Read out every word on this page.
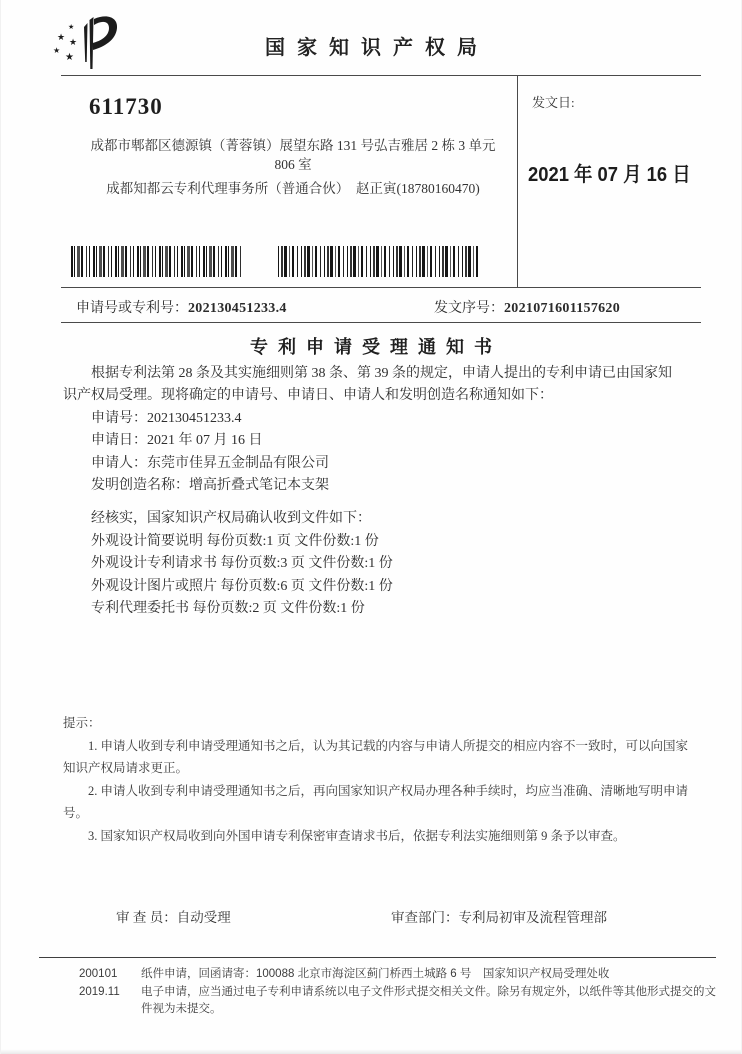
★
★ ★
★
★	国家知识产权局
611730
成都市郫都区德源镇（菁蓉镇）展望东路 131 号弘吉雅居 2 栋 3 单元
806 室
成都知都云专利代理事务所（普通合伙）　赵正寅(18780160470)
发文日:
2021 年 07 月 16 日
申请号或专利号：202130451233.4	发文序号：2021071601157620
专利申请受理通知书

根据专利法第 28 条及其实施细则第 38 条、第 39 条的规定，申请人提出的专利申请已由国家知识产权局受理。现将确定的申请号、申请日、申请人和发明创造名称通知如下：

申请号：202130451233.4
申请日：2021 年 07 月 16 日
申请人：东莞市佳昇五金制品有限公司
发明创造名称：增高折叠式笔记本支架
经核实，国家知识产权局确认收到文件如下：
外观设计简要说明 每份页数:1 页 文件份数:1 份
外观设计专利请求书 每份页数:3 页 文件份数:1 份
外观设计图片或照片 每份页数:6 页 文件份数:1 份
专利代理委托书 每份页数:2 页 文件份数:1 份
提示：

1. 申请人收到专利申请受理通知书之后，认为其记载的内容与申请人所提交的相应内容不一致时，可以向国家知识产权局请求更正。

2. 申请人收到专利申请受理通知书之后，再向国家知识产权局办理各种手续时，均应当准确、清晰地写明申请号。

3. 国家知识产权局收到向外国申请专利保密审查请求书后，依据专利法实施细则第 9 条予以审查。

审 查 员：自动受理	审查部门：专利局初审及流程管理部
200101	纸件申请，回函请寄：100088 北京市海淀区蓟门桥西土城路 6 号　国家知识产权局受理处收
2019.11	电子申请，应当通过电子专利申请系统以电子文件形式提交相关文件。除另有规定外，以纸件等其他形式提交的文件视为未提交。
